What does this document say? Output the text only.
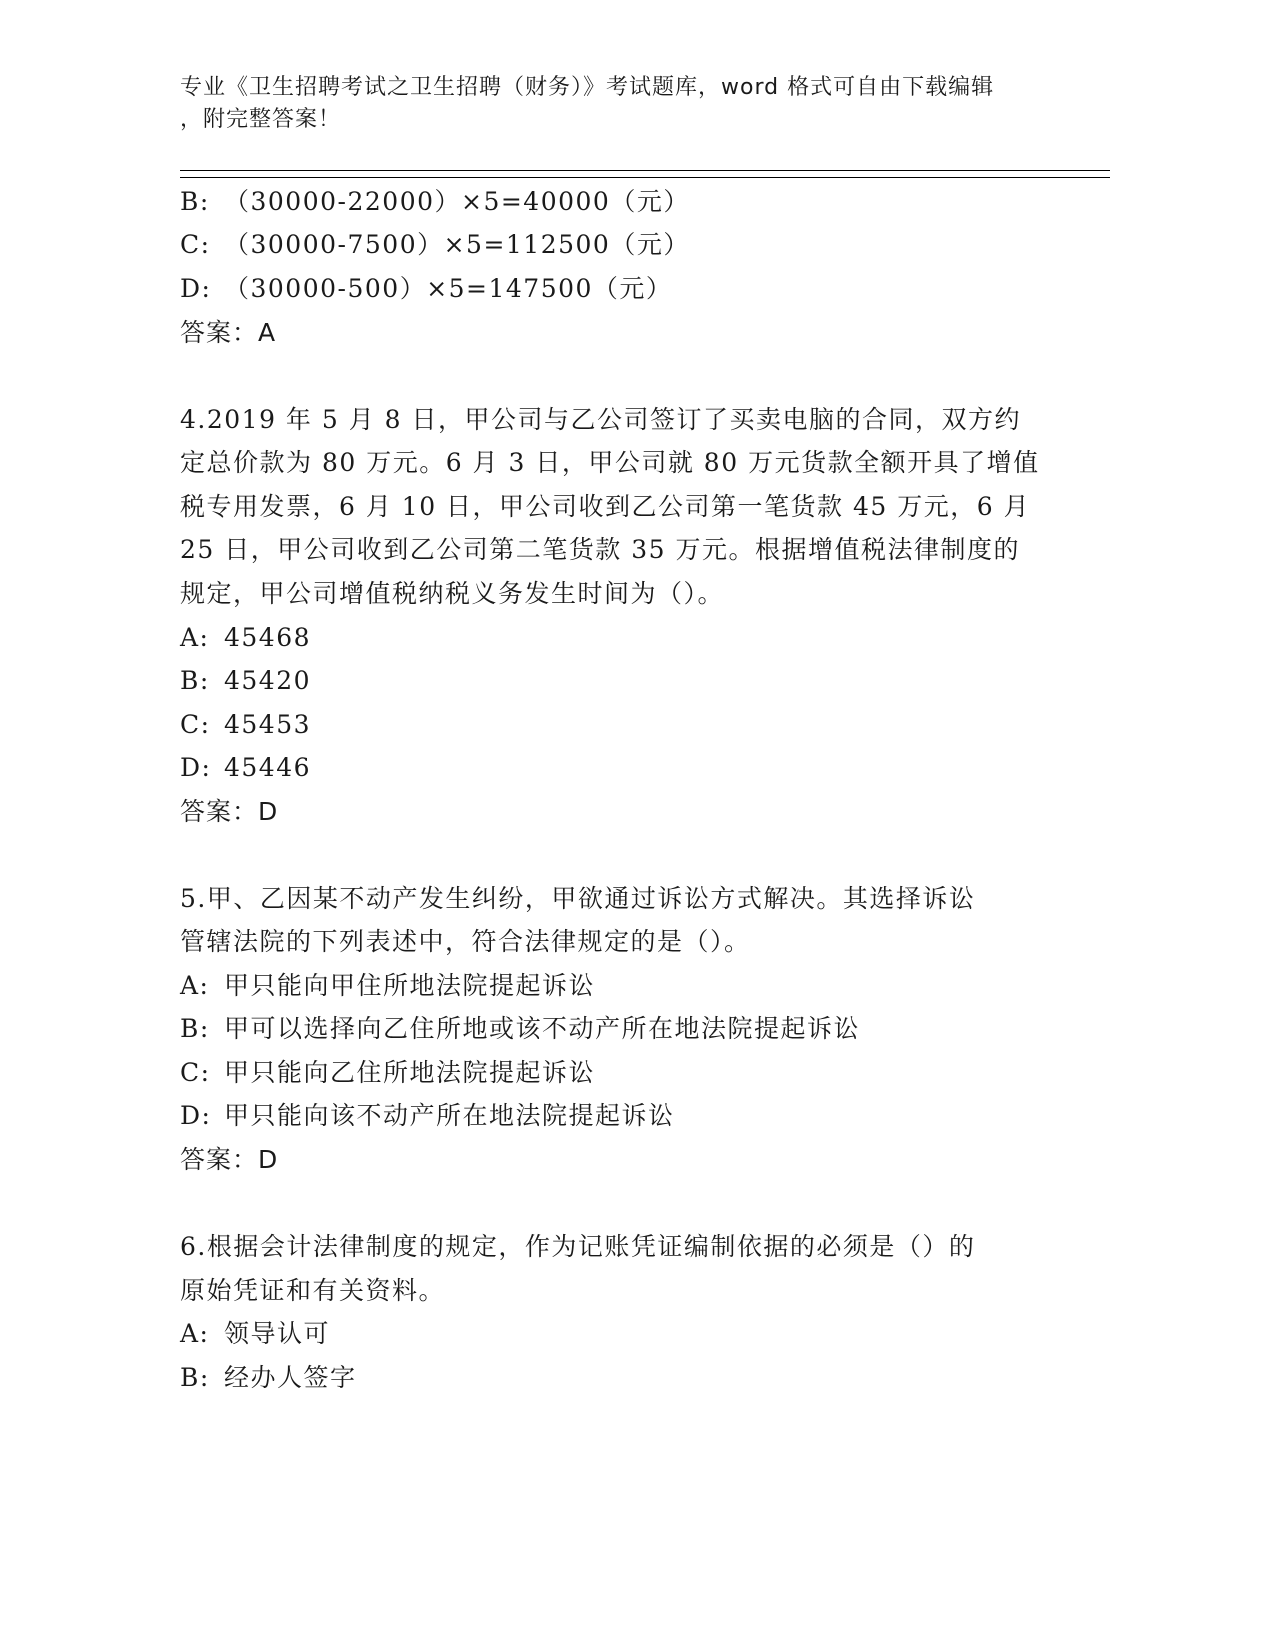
专业《卫生招聘考试之卫生招聘（财务）》考试题库，word 格式可自由下载编辑
，附完整答案！
B: （30000-22000）×5=40000（元）
C: （30000-7500）×5=112500（元）
D: （30000-500）×5=147500（元）
答案：A
4.2019 年 5 月 8 日，甲公司与乙公司签订了买卖电脑的合同，双方约
定总价款为 80 万元。6 月 3 日，甲公司就 80 万元货款全额开具了增值
税专用发票，6 月 10 日，甲公司收到乙公司第一笔货款 45 万元，6 月
25 日，甲公司收到乙公司第二笔货款 35 万元。根据增值税法律制度的
规定，甲公司增值税纳税义务发生时间为（）。
A: 45468
B: 45420
C: 45453
D: 45446
答案：D
5.甲、乙因某不动产发生纠纷，甲欲通过诉讼方式解决。其选择诉讼
管辖法院的下列表述中，符合法律规定的是（）。
A: 甲只能向甲住所地法院提起诉讼
B: 甲可以选择向乙住所地或该不动产所在地法院提起诉讼
C: 甲只能向乙住所地法院提起诉讼
D: 甲只能向该不动产所在地法院提起诉讼
答案：D
6.根据会计法律制度的规定，作为记账凭证编制依据的必须是（）的
原始凭证和有关资料。
A: 领导认可
B: 经办人签字
